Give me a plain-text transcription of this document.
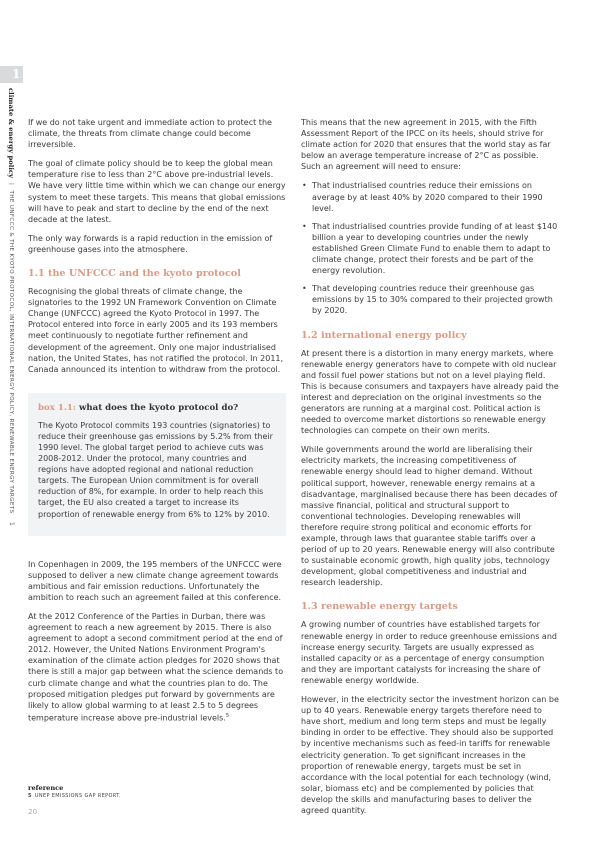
1
climate & energy policy | THE UNFCCC & THE KYOTO PROTOCOL, INTERNATIONAL ENERGY POLICY, RENEWABLE ENERGY TARGETS 1

If we do not take urgent and immediate action to protect the climate, the threats from climate change could become irreversible.

The goal of climate policy should be to keep the global mean temperature rise to less than 2°C above pre-industrial levels. We have very little time within which we can change our energy system to meet these targets. This means that global emissions will have to peak and start to decline by the end of the next decade at the latest.

The only way forwards is a rapid reduction in the emission of greenhouse gases into the atmosphere.

1.1 the UNFCCC and the kyoto protocol

Recognising the global threats of climate change, the signatories to the 1992 UN Framework Convention on Climate Change (UNFCCC) agreed the Kyoto Protocol in 1997. The Protocol entered into force in early 2005 and its 193 members meet continuously to negotiate further refinement and development of the agreement. Only one major industrialised nation, the United States, has not ratified the protocol. In 2011, Canada announced its intention to withdraw from the protocol.

box 1.1: what does the kyoto protocol do?

The Kyoto Protocol commits 193 countries (signatories) to reduce their greenhouse gas emissions by 5.2% from their 1990 level. The global target period to achieve cuts was 2008-2012. Under the protocol, many countries and regions have adopted regional and national reduction targets. The European Union commitment is for overall reduction of 8%, for example. In order to help reach this target, the EU also created a target to increase its proportion of renewable energy from 6% to 12% by 2010.

In Copenhagen in 2009, the 195 members of the UNFCCC were supposed to deliver a new climate change agreement towards ambitious and fair emission reductions. Unfortunately the ambition to reach such an agreement failed at this conference.

At the 2012 Conference of the Parties in Durban, there was agreement to reach a new agreement by 2015. There is also agreement to adopt a second commitment period at the end of 2012. However, the United Nations Environment Program's examination of the climate action pledges for 2020 shows that there is still a major gap between what the science demands to curb climate change and what the countries plan to do. The proposed mitigation pledges put forward by governments are likely to allow global warming to at least 2.5 to 5 degrees temperature increase above pre-industrial levels.$^5$

This means that the new agreement in 2015, with the Fifth Assessment Report of the IPCC on its heels, should strive for climate action for 2020 that ensures that the world stay as far below an average temperature increase of 2°C as possible. Such an agreement will need to ensure:

• That industrialised countries reduce their emissions on average by at least 40% by 2020 compared to their 1990 level.
• That industrialised countries provide funding of at least $140 billion a year to developing countries under the newly established Green Climate Fund to enable them to adapt to climate change, protect their forests and be part of the energy revolution.
• That developing countries reduce their greenhouse gas emissions by 15 to 30% compared to their projected growth by 2020.
1.2 international energy policy

At present there is a distortion in many energy markets, where renewable energy generators have to compete with old nuclear and fossil fuel power stations but not on a level playing field. This is because consumers and taxpayers have already paid the interest and depreciation on the original investments so the generators are running at a marginal cost. Political action is needed to overcome market distortions so renewable energy technologies can compete on their own merits.

While governments around the world are liberalising their electricity markets, the increasing competitiveness of renewable energy should lead to higher demand. Without political support, however, renewable energy remains at a disadvantage, marginalised because there has been decades of massive financial, political and structural support to conventional technologies. Developing renewables will therefore require strong political and economic efforts for example, through laws that guarantee stable tariffs over a period of up to 20 years. Renewable energy will also contribute to sustainable economic growth, high quality jobs, technology development, global competitiveness and industrial and research leadership.

1.3 renewable energy targets

A growing number of countries have established targets for renewable energy in order to reduce greenhouse emissions and increase energy security. Targets are usually expressed as installed capacity or as a percentage of energy consumption and they are important catalysts for increasing the share of renewable energy worldwide.

However, in the electricity sector the investment horizon can be up to 40 years. Renewable energy targets therefore need to have short, medium and long term steps and must be legally binding in order to be effective. They should also be supported by incentive mechanisms such as feed-in tariffs for renewable electricity generation. To get significant increases in the proportion of renewable energy, targets must be set in accordance with the local potential for each technology (wind, solar, biomass etc) and be complemented by policies that develop the skills and manufacturing bases to deliver the agreed quantity.

reference
5 UNEP EMISSIONS GAP REPORT.
20
